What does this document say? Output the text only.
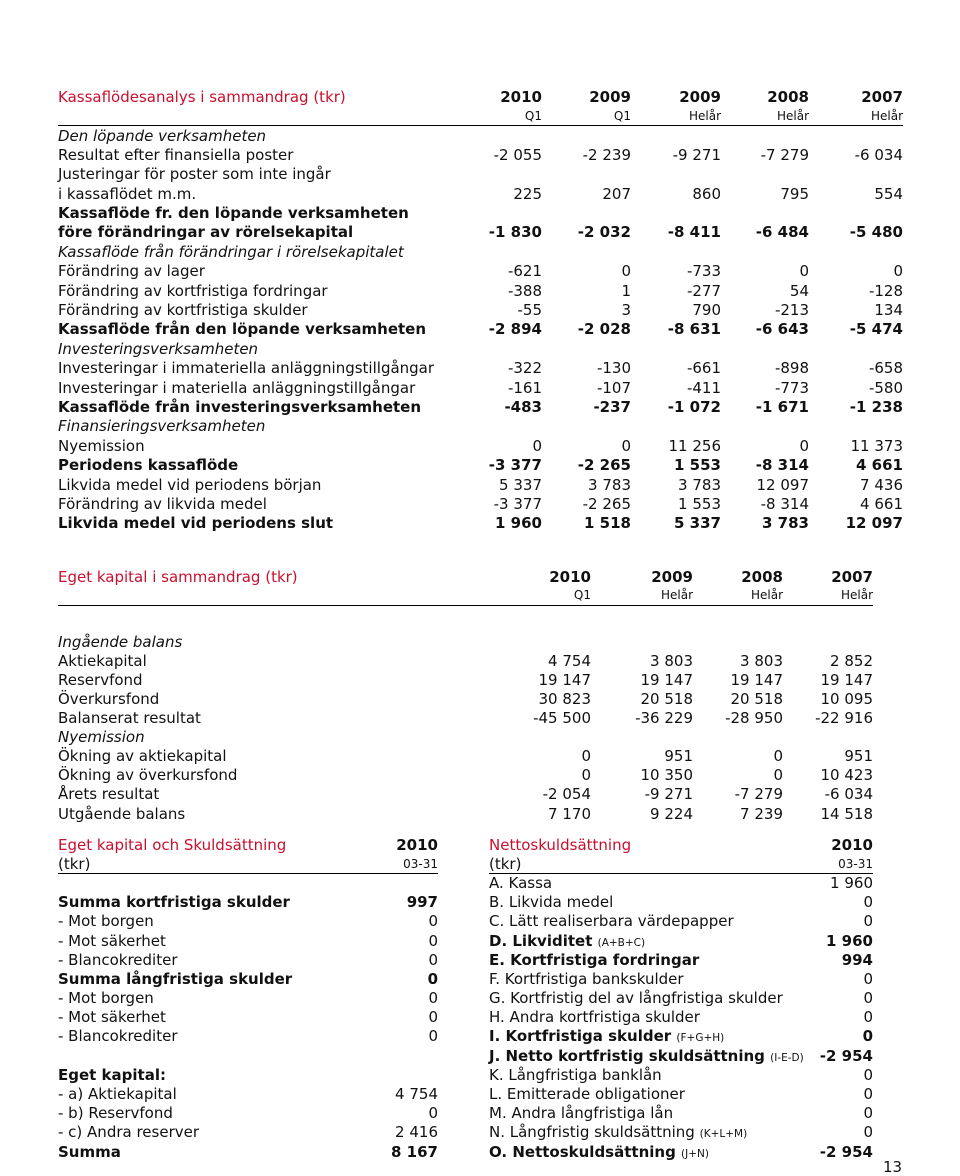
Kassaflödesanalys i sammandrag (tkr)	2010	2009	2009	2008	2007
	Q1	Q1	Helår	Helår	Helår
Den löpande verksamheten					
Resultat efter finansiella poster	-2 055	-2 239	-9 271	-7 279	-6 034
Justeringar för poster som inte ingår					
i kassaflödet m.m.	225	207	860	795	554
Kassaflöde fr. den löpande verksamheten					
före förändringar av rörelsekapital	-1 830	-2 032	-8 411	-6 484	-5 480
Kassaflöde från förändringar i rörelsekapitalet					
Förändring av lager	-621	0	-733	0	0
Förändring av kortfristiga fordringar	-388	1	-277	54	-128
Förändring av kortfristiga skulder	-55	3	790	-213	134
Kassaflöde från den löpande verksamheten	-2 894	-2 028	-8 631	-6 643	-5 474
Investeringsverksamheten					
Investeringar i immateriella anläggningstillgångar	-322	-130	-661	-898	-658
Investeringar i materiella anläggningstillgångar	-161	-107	-411	-773	-580
Kassaflöde från investeringsverksamheten	-483	-237	-1 072	-1 671	-1 238
Finansieringsverksamheten					
Nyemission	0	0	11 256	0	11 373
Periodens kassaflöde	-3 377	-2 265	1 553	-8 314	4 661
Likvida medel vid periodens början	5 337	3 783	3 783	12 097	7 436
Förändring av likvida medel	-3 377	-2 265	1 553	-8 314	4 661
Likvida medel vid periodens slut	1 960	1 518	5 337	3 783	12 097
Eget kapital i sammandrag (tkr)	2010	2009	2008	2007
	Q1	Helår	Helår	Helår

Ingående balans				
Aktiekapital	4 754	3 803	3 803	2 852
Reservfond	19 147	19 147	19 147	19 147
Överkursfond	30 823	20 518	20 518	10 095
Balanserat resultat	-45 500	-36 229	-28 950	-22 916
Nyemission				
Ökning av aktiekapital	0	951	0	951
Ökning av överkursfond	0	10 350	0	10 423
Årets resultat	-2 054	-9 271	-7 279	-6 034
Utgående balans	7 170	9 224	7 239	14 518
Eget kapital och Skuldsättning	2010
(tkr)	03-31

Summa kortfristiga skulder	997
- Mot borgen	0
- Mot säkerhet	0
- Blancokrediter	0
Summa långfristiga skulder	0
- Mot borgen	0
- Mot säkerhet	0
- Blancokrediter	0

Eget kapital:	
- a) Aktiekapital	4 754
- b) Reservfond	0
- c) Andra reserver	2 416
Summa	8 167
Nettoskuldsättning	2010
(tkr)	03-31
A. Kassa	1 960
B. Likvida medel	0
C. Lätt realiserbara värdepapper	0
D. Likviditet (A+B+C)	1 960
E. Kortfristiga fordringar	994
F. Kortfristiga bankskulder	0
G. Kortfristig del av långfristiga skulder	0
H. Andra kortfristiga skulder	0
I. Kortfristiga skulder (F+G+H)	0
J. Netto kortfristig skuldsättning (I-E-D)	-2 954
K. Långfristiga banklån	0
L. Emitterade obligationer	0
M. Andra långfristiga lån	0
N. Långfristig skuldsättning (K+L+M)	0
O. Nettoskuldsättning (J+N)	-2 954
13
